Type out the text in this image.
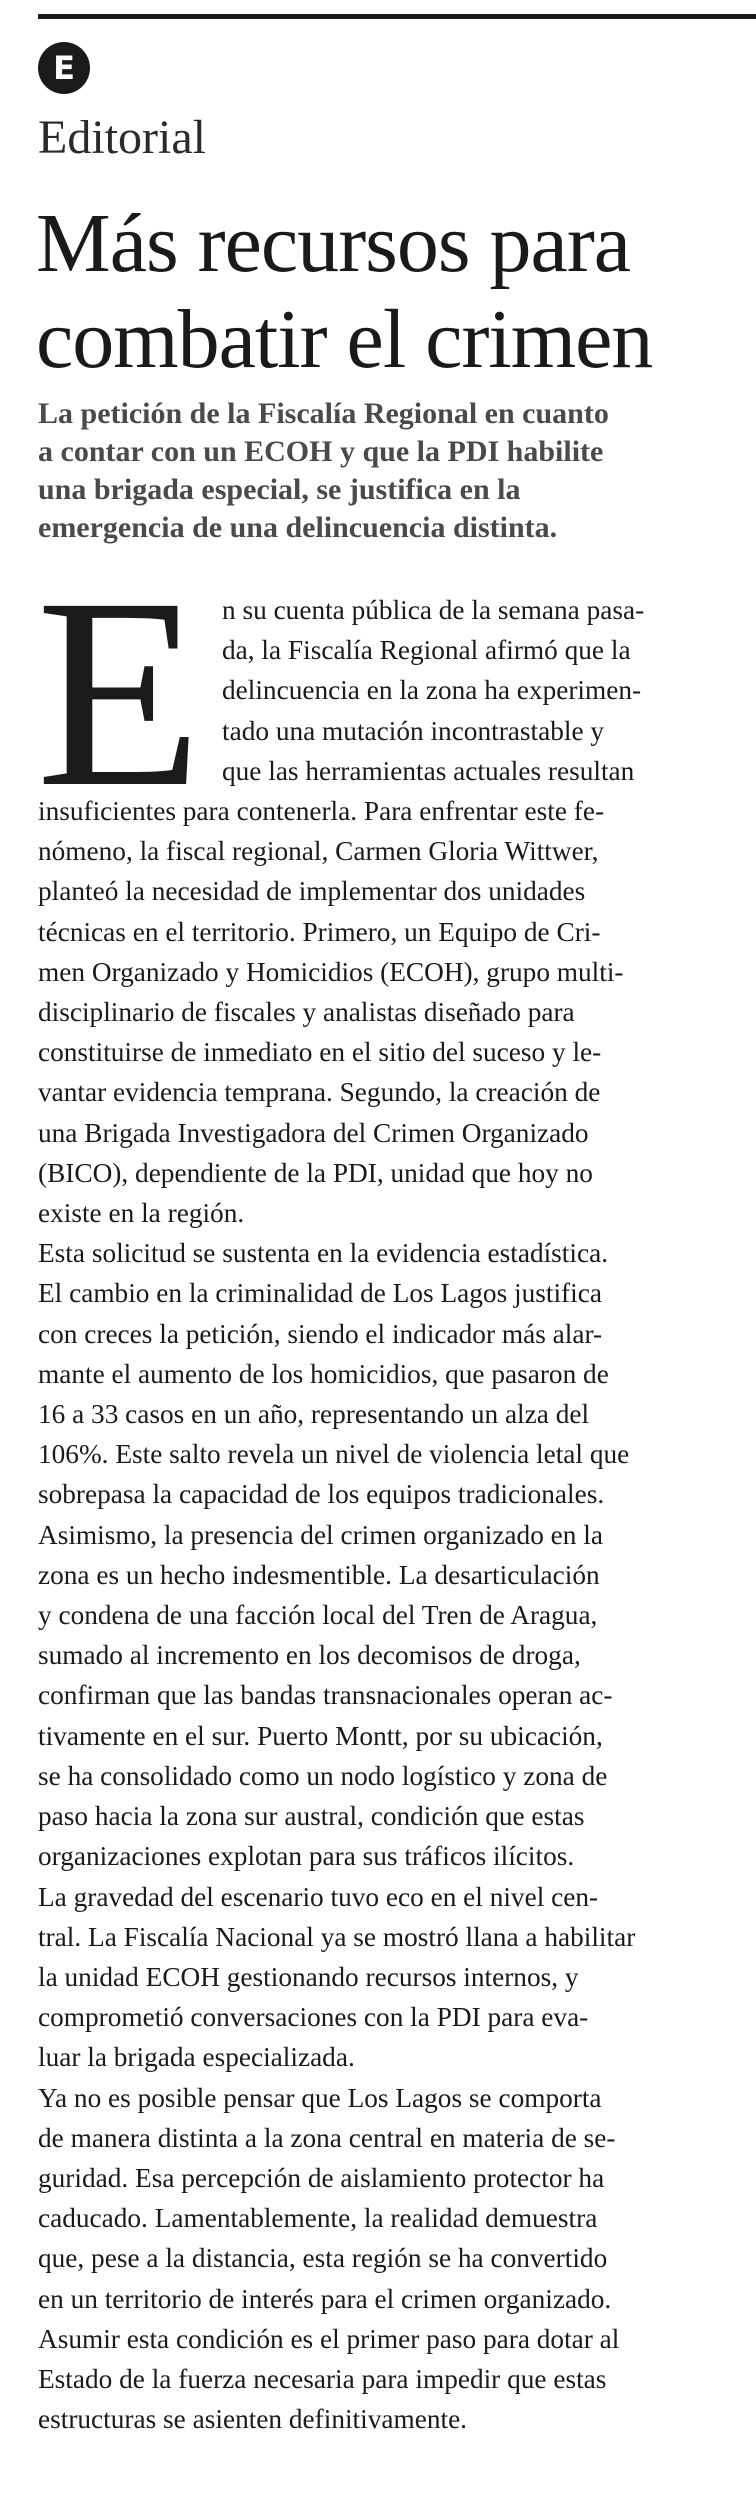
E
Editorial
Más recursos para
combatir el crimen

La petición de la Fiscalía Regional en cuanto
a contar con un ECOH y que la PDI habilite
una brigada especial, se justifica en la
emergencia de una delincuencia distinta.

E n su cuenta pública de la semana pasa-
da, la Fiscalía Regional afirmó que la
delincuencia en la zona ha experimen-
tado una mutación incontrastable y
que las herramientas actuales resultan
insuficientes para contenerla. Para enfrentar este fe-
nómeno, la fiscal regional, Carmen Gloria Wittwer,
planteó la necesidad de implementar dos unidades
técnicas en el territorio. Primero, un Equipo de Cri-
men Organizado y Homicidios (ECOH), grupo multi-
disciplinario de fiscales y analistas diseñado para
constituirse de inmediato en el sitio del suceso y le-
vantar evidencia temprana. Segundo, la creación de
una Brigada Investigadora del Crimen Organizado
(BICO), dependiente de la PDI, unidad que hoy no
existe en la región.
Esta solicitud se sustenta en la evidencia estadística.
El cambio en la criminalidad de Los Lagos justifica
con creces la petición, siendo el indicador más alar-
mante el aumento de los homicidios, que pasaron de
16 a 33 casos en un año, representando un alza del
106%. Este salto revela un nivel de violencia letal que
sobrepasa la capacidad de los equipos tradicionales.
Asimismo, la presencia del crimen organizado en la
zona es un hecho indesmentible. La desarticulación
y condena de una facción local del Tren de Aragua,
sumado al incremento en los decomisos de droga,
confirman que las bandas transnacionales operan ac-
tivamente en el sur. Puerto Montt, por su ubicación,
se ha consolidado como un nodo logístico y zona de
paso hacia la zona sur austral, condición que estas
organizaciones explotan para sus tráficos ilícitos.
La gravedad del escenario tuvo eco en el nivel cen-
tral. La Fiscalía Nacional ya se mostró llana a habilitar
la unidad ECOH gestionando recursos internos, y
comprometió conversaciones con la PDI para eva-
luar la brigada especializada.
Ya no es posible pensar que Los Lagos se comporta
de manera distinta a la zona central en materia de se-
guridad. Esa percepción de aislamiento protector ha
caducado. Lamentablemente, la realidad demuestra
que, pese a la distancia, esta región se ha convertido
en un territorio de interés para el crimen organizado.
Asumir esta condición es el primer paso para dotar al
Estado de la fuerza necesaria para impedir que estas
estructuras se asienten definitivamente.
